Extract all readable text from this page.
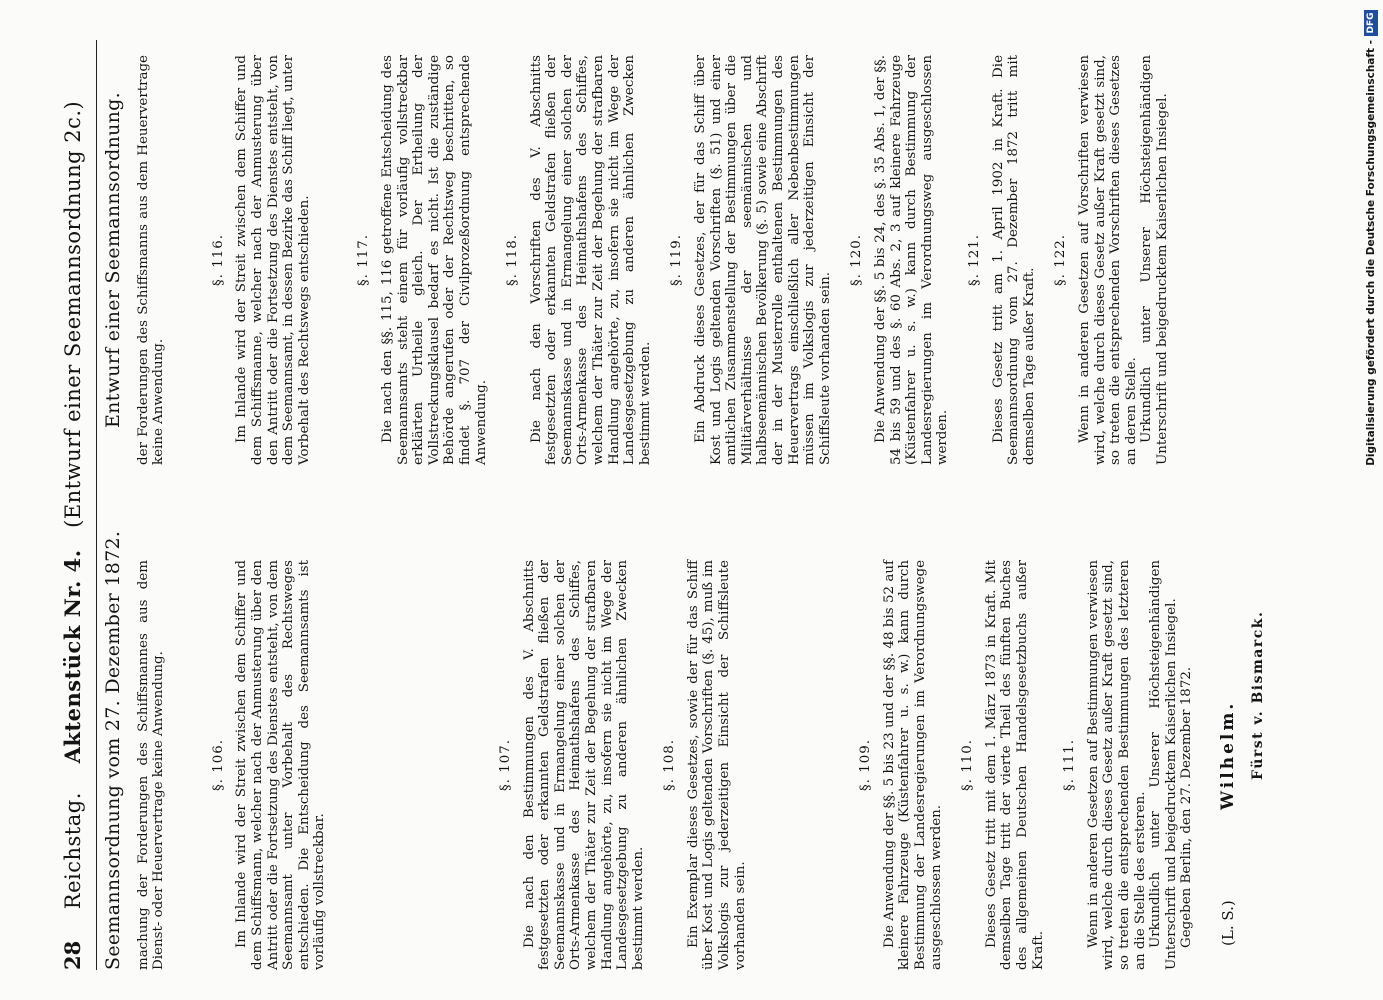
28
Reichstag.    Aktenstück Nr. 4.   (Entwurf einer Seemannsordnung 2c.)
Seemannsordnung vom 27. Dezember 1872. machung der Forderungen des Schiffsmannes aus dem Dienst- oder Heuervertrage keine Anwendung.	§. 106. Im Inlande wird der Streit zwischen dem Schiffer und dem Schiffsmann, welcher nach der Anmusterung über den Antritt oder die Fortsetzung des Dienstes entsteht, von dem Seemannsamt unter Vorbehalt des Rechtsweges entschieden. Die Entscheidung des Seemannsamts ist vorläufig vollstreckbar.

§. 107. Die nach den Bestimmungen des V. Abschnitts festgesetzten oder erkannten Geldstrafen fließen der Seemannskasse und in Ermangelung einer solchen der Orts-Armenkasse des Heimathshafens des Schiffes, welchem der Thäter zur Zeit der Begehung der strafbaren Handlung angehörte, zu, insofern sie nicht im Wege der Landesgesetzgebung zu anderen ähnlichen Zwecken bestimmt werden.

§. 108. Ein Exemplar dieses Gesetzes, sowie der für das Schiff über Kost und Logis geltenden Vorschriften (§. 45), muß im Volkslogis zur jederzeitigen Einsicht der Schiffsleute vorhanden sein.

§. 109. Die Anwendung der §§. 5 bis 23 und der §§. 48 bis 52 auf kleinere Fahrzeuge (Küstenfahrer u. s. w.) kann durch Bestimmung der Landesregierungen im Verordnungswege ausgeschlossen werden.

§. 110. Dieses Gesetz tritt mit dem 1. März 1873 in Kraft. Mit demselben Tage tritt der vierte Theil des fünften Buches des allgemeinen Deutschen Handelsgesetzbuchs außer Kraft.

§. 111. Wenn in anderen Gesetzen auf Bestimmungen verwiesen wird, welche durch dieses Gesetz außer Kraft gesetzt sind, so treten die entsprechenden Bestimmungen des letzteren an die Stelle des ersteren. Urkundlich unter Unserer Höchsteigenhändigen Unterschrift und beigedrucktem Kaiserlichen Insiegel. Gegeben Berlin, den 27. Dezember 1872. (L. S.)
Wilhelm. Fürst v. Bismarck.
Entwurf einer Seemannsordnung. der Forderungen des Schiffsmanns aus dem Heuervertrage keine Anwendung.

§. 116. Im Inlande wird der Streit zwischen dem Schiffer und dem Schiffsmanne, welcher nach der Anmusterung über den Antritt oder die Fortsetzung des Dienstes entsteht, von dem Seemannsamt, in dessen Bezirke das Schiff liegt, unter Vorbehalt des Rechtswegs entschieden.	§. 117. Die nach den §§. 115, 116 getroffene Entscheidung des Seemannsamts steht einem für vorläufig vollstreckbar erklärten Urtheile gleich. Der Ertheilung der Vollstreckungsklausel bedarf es nicht. Ist die zuständige Behörde angerufen oder der Rechtsweg beschritten, so findet §. 707 der Civilprozeßordnung entsprechende Anwendung.

§. 118. Die nach den Vorschriften des V. Abschnitts festgesetzten oder erkannten Geldstrafen fließen der Seemannskasse und in Ermangelung einer solchen der Orts-Armenkasse des Heimathshafens des Schiffes, welchem der Thäter zur Zeit der Begehung der strafbaren Handlung angehörte, zu, insofern sie nicht im Wege der Landesgesetzgebung zu anderen ähnlichen Zwecken bestimmt werden.

§. 119. Ein Abdruck dieses Gesetzes, der für das Schiff über Kost und Logis geltenden Vorschriften (§. 51) und einer amtlichen Zusammenstellung der Bestimmungen über die Militärverhältnisse der seemännischen und halbseemännischen Bevölkerung (§. 5) sowie eine Abschrift der in der Musterrolle enthaltenen Bestimmungen des Heuervertrags einschließlich aller Nebenbestimmungen müssen im Volkslogis zur jederzeitigen Einsicht der Schiffsleute vorhanden sein.

§. 120. Die Anwendung der §§. 5 bis 24, des §. 35 Abs. 1, der §§. 54 bis 59 und des §. 60 Abs. 2, 3 auf kleinere Fahrzeuge (Küstenfahrer u. s. w.) kann durch Bestimmung der Landesregierungen im Verordnungsweg ausgeschlossen werden.

§. 121. Dieses Gesetz tritt am 1. April 1902 in Kraft. Die Seemannsordnung vom 27. Dezember 1872 tritt mit demselben Tage außer Kraft.

§. 122. Wenn in anderen Gesetzen auf Vorschriften verwiesen wird, welche durch dieses Gesetz außer Kraft gesetzt sind, so treten die entsprechenden Vorschriften dieses Gesetzes an deren Stelle. Urkundlich unter Unserer Höchsteigenhändigen Unterschrift und beigedrucktem Kaiserlichen Insiegel.	Digitalisierung gefördert durch die Deutsche Forschungsgemeinschaft -
DFG
